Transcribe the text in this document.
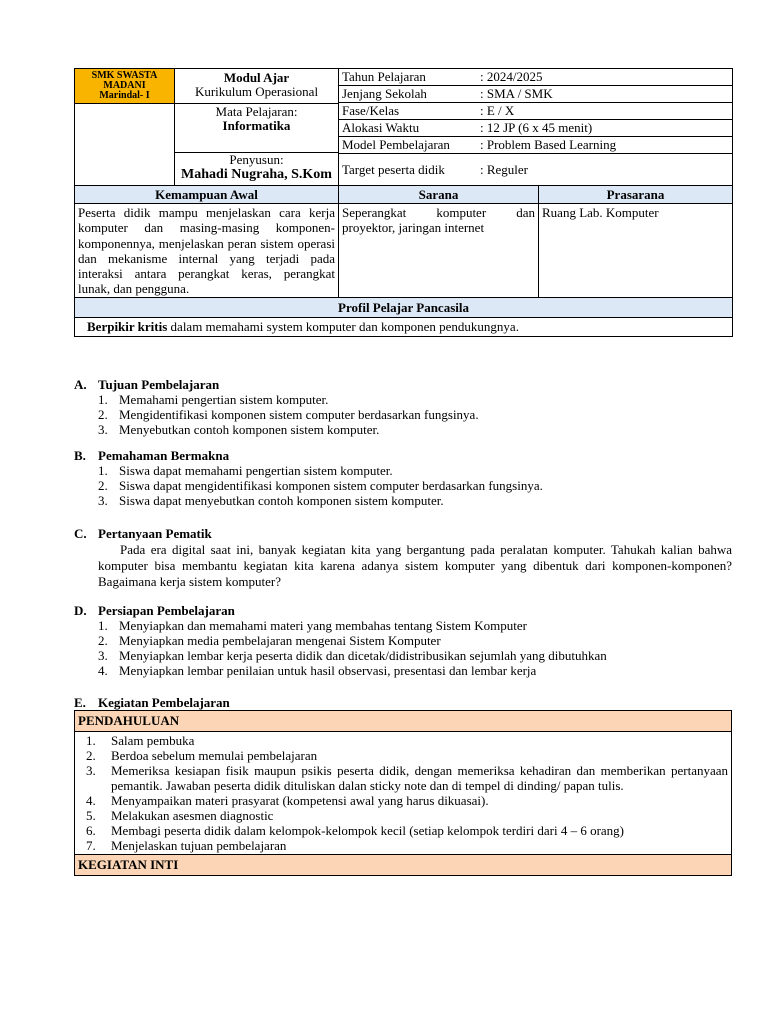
SMK SWASTA
MADANI
Marindal- I

Modul Ajar
Kurikulum Operasional

Tahun Pelajaran	: 2024/2025
Jenjang Sekolah	: SMA / SMK
Fase/Kelas	: E / X
Alokasi Waktu	: 12 JP (6 x 45 menit)
Model Pembelajaran	: Problem Based Learning
Target peserta didik	: Reguler

Mata Pelajaran:
Informatika

Penyusun:
Mahadi Nugraha, S.Kom

Kemampuan Awal	Sarana	Prasarana
Peserta didik mampu menjelaskan cara kerja komputer dan masing-masing komponen-komponennya, menjelaskan peran sistem operasi dan mekanisme internal yang terjadi pada interaksi antara perangkat keras, perangkat lunak, dan pengguna.	Seperangkat komputer dan proyektor, jaringan internet	Ruang Lab. Komputer
Profil Pelajar Pancasila
Berpikir kritis dalam memahami system komputer dan komponen pendukungnya.
A. Tujuan Pembelajaran
1. Memahami pengertian sistem komputer.
2. Mengidentifikasi komponen sistem computer berdasarkan fungsinya.
3. Menyebutkan contoh komponen sistem komputer.
B. Pemahaman Bermakna
1. Siswa dapat memahami pengertian sistem komputer.
2. Siswa dapat mengidentifikasi komponen sistem computer berdasarkan fungsinya.
3. Siswa dapat menyebutkan contoh komponen sistem komputer.
C. Pertanyaan Pematik

Pada era digital saat ini, banyak kegiatan kita yang bergantung pada peralatan komputer. Tahukah kalian bahwa komputer bisa membantu kegiatan kita karena adanya sistem komputer yang dibentuk dari komponen-komponen? Bagaimana kerja sistem komputer?

D. Persiapan Pembelajaran
1. Menyiapkan dan memahami materi yang membahas tentang Sistem Komputer
2. Menyiapkan media pembelajaran mengenai Sistem Komputer
3. Menyiapkan lembar kerja peserta didik dan dicetak/didistribusikan sejumlah yang dibutuhkan
4. Menyiapkan lembar penilaian untuk hasil observasi, presentasi dan lembar kerja
E. Kegiatan Pembelajaran
PENDAHULUAN

1. Salam pembuka
2. Berdoa sebelum memulai pembelajaran
3. Memeriksa kesiapan fisik maupun psikis peserta didik, dengan memeriksa kehadiran dan memberikan pertanyaan pemantik. Jawaban peserta didik dituliskan dalan sticky note dan di tempel di dinding/ papan tulis.
4. Menyampaikan materi prasyarat (kompetensi awal yang harus dikuasai).
5. Melakukan asesmen diagnostic
6. Membagi peserta didik dalam kelompok-kelompok kecil (setiap kelompok terdiri dari 4 – 6 orang)
7. Menjelaskan tujuan pembelajaran

KEGIATAN INTI
